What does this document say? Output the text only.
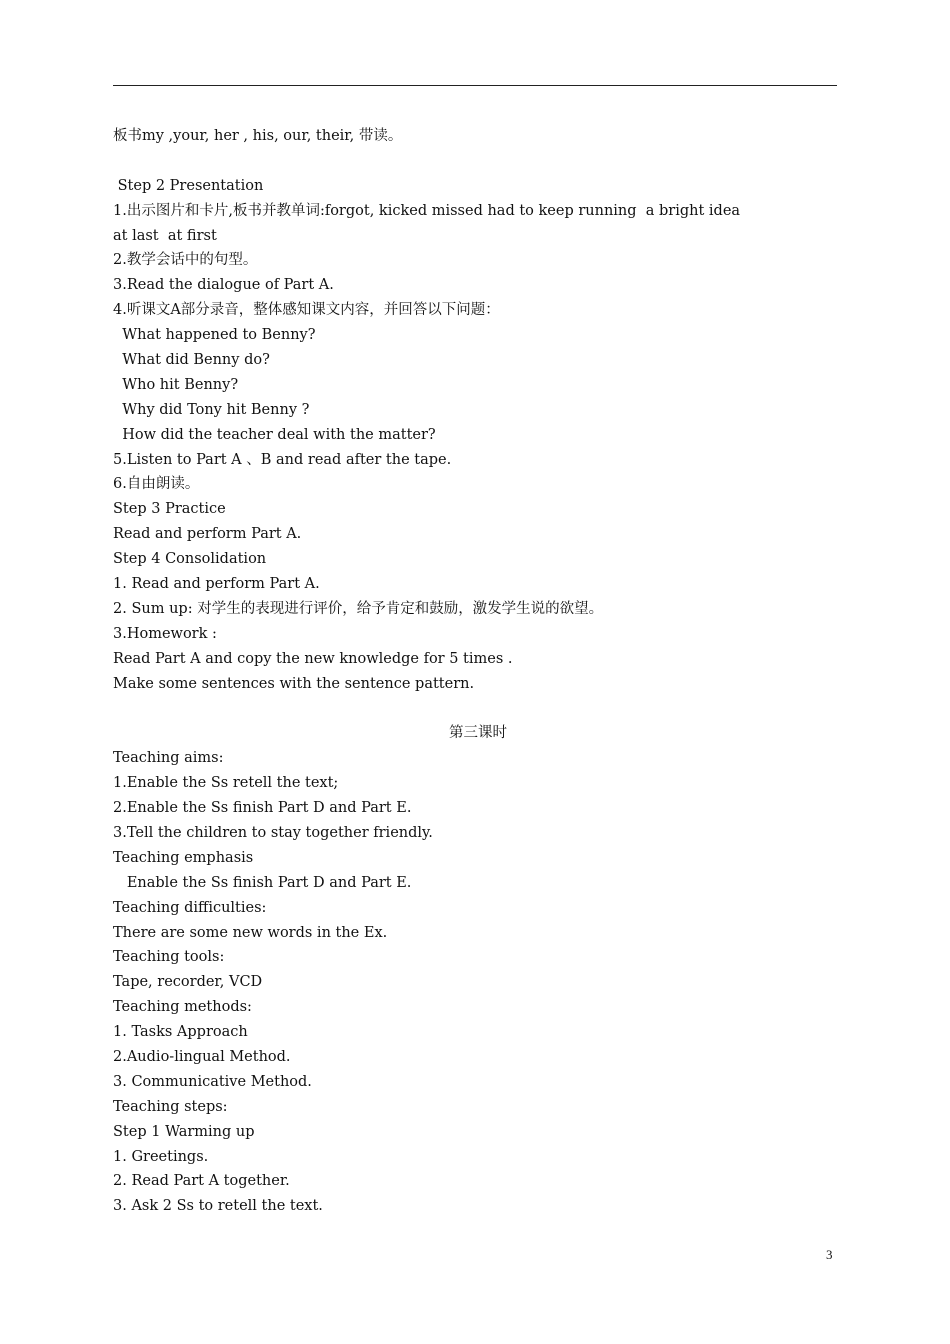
板书my ,your, her , his, our, their, 带读。
Step 2 Presentation
1.出示图片和卡片,板书并教单词:forgot, kicked missed had to keep running  a bright idea
at last  at first
2.教学会话中的句型。
3.Read the dialogue of Part A.
4.听课文A部分录音，整体感知课文内容，并回答以下问题：
What happened to Benny?
What did Benny do?
Who hit Benny?
Why did Tony hit Benny ?
How did the teacher deal with the matter?
5.Listen to Part A 、B and read after the tape.
6.自由朗读。
Step 3 Practice
Read and perform Part A.
Step 4 Consolidation
1. Read and perform Part A.
2. Sum up: 对学生的表现进行评价，给予肯定和鼓励，激发学生说的欲望。
3.Homework :
Read Part A and copy the new knowledge for 5 times .
Make some sentences with the sentence pattern.
第三课时
Teaching aims:
1.Enable the Ss retell the text;
2.Enable the Ss finish Part D and Part E.
3.Tell the children to stay together friendly.
Teaching emphasis
Enable the Ss finish Part D and Part E.
Teaching difficulties:
There are some new words in the Ex.
Teaching tools:
Tape, recorder, VCD
Teaching methods:
1. Tasks Approach
2.Audio-lingual Method.
3. Communicative Method.
Teaching steps:
Step 1 Warming up
1. Greetings.
2. Read Part A together.
3. Ask 2 Ss to retell the text.
3
